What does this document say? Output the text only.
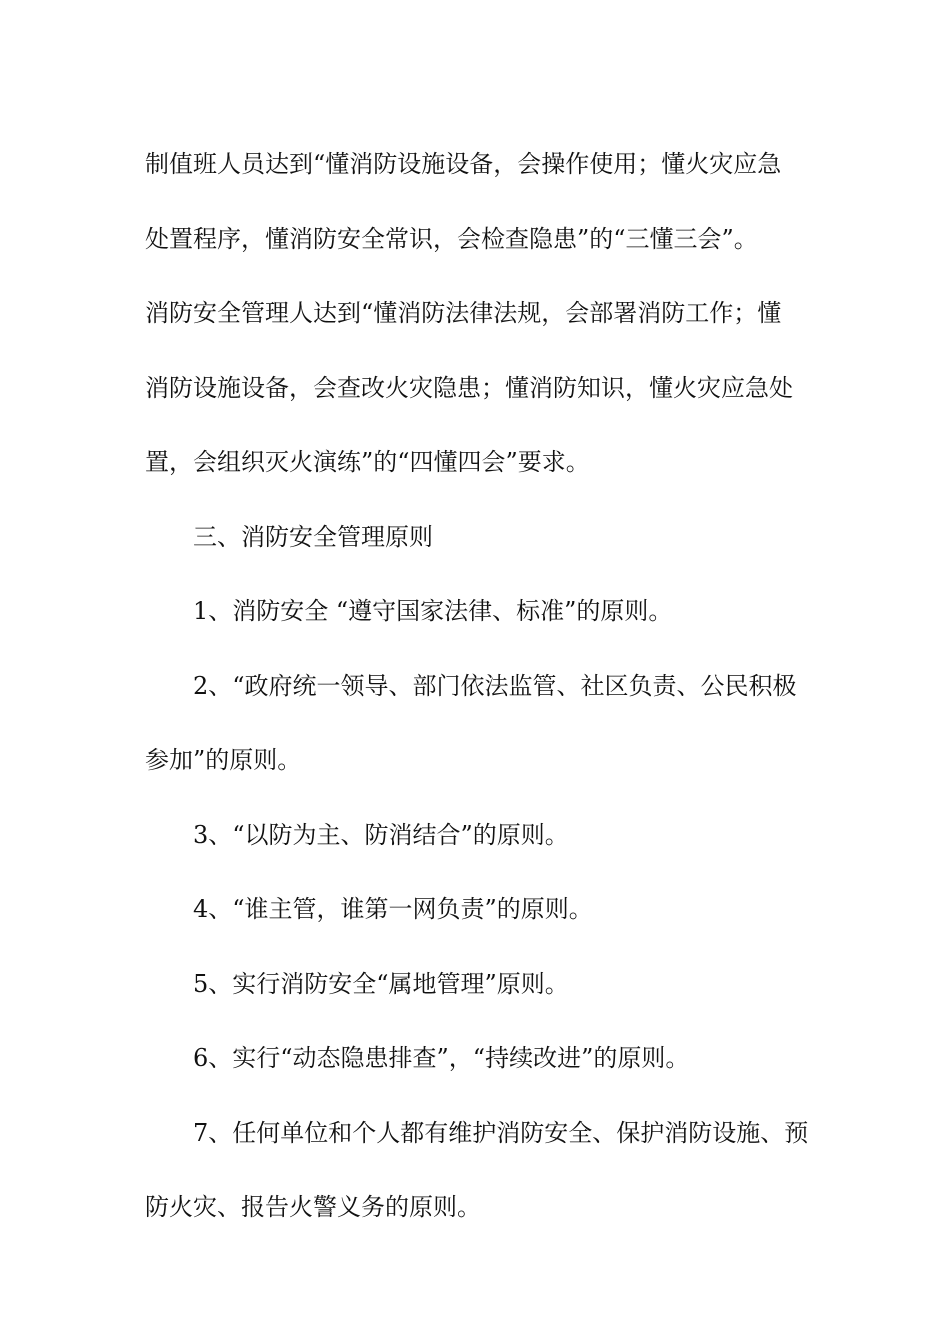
制值班人员达到“懂消防设施设备，会操作使用；懂火灾应急

处置程序，懂消防安全常识，会检查隐患”的“三懂三会”。

消防安全管理人达到“懂消防法律法规，会部署消防工作；懂

消防设施设备，会查改火灾隐患；懂消防知识，懂火灾应急处

置，会组织灭火演练”的“四懂四会”要求。

三、消防安全管理原则

1、消防安全 “遵守国家法律、标准”的原则。

2、“政府统一领导、部门依法监管、社区负责、公民积极

参加”的原则。

3、“以防为主、防消结合”的原则。

4、“谁主管，谁第一网负责”的原则。

5、实行消防安全“属地管理”原则。

6、实行“动态隐患排查”，“持续改进”的原则。

7、任何单位和个人都有维护消防安全、保护消防设施、预

防火灾、报告火警义务的原则。
